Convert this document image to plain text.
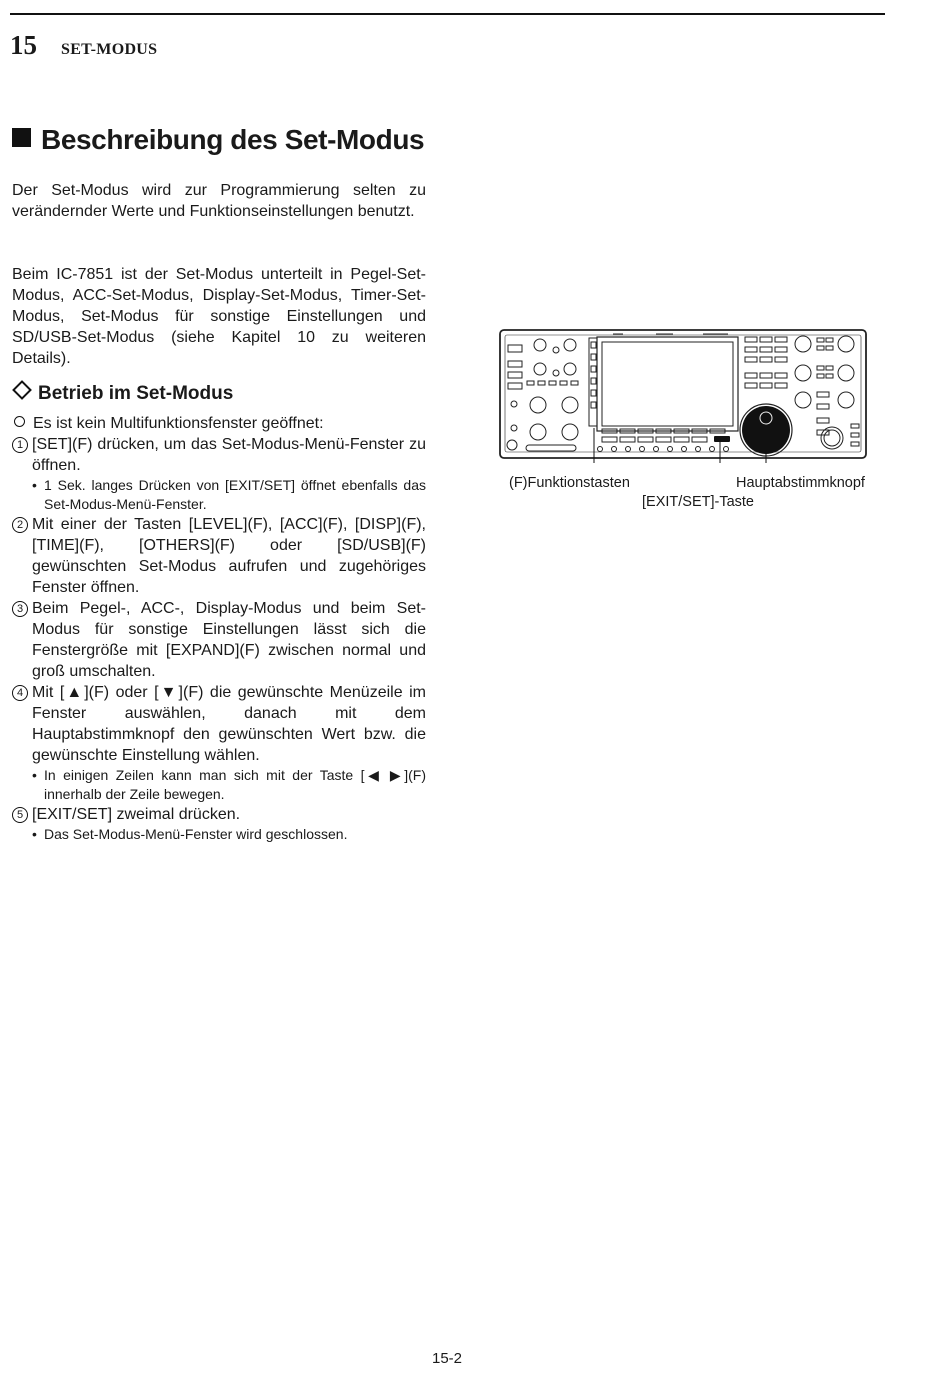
15 SET-MODUS
Beschreibung des Set-Modus

Der Set-Modus wird zur Programmierung selten zu verändernder Werte und Funktionseinstellungen benutzt.

Beim IC-7851 ist der Set-Modus unterteilt in Pegel-Set-Modus, ACC-Set-Modus, Display-Set-Modus, Timer-Set-Modus, Set-Modus für sonstige Einstellungen und SD/USB-Set-Modus (siehe Kapitel 10 zu weiteren Details).

Betrieb im Set-Modus
Es ist kein Multifunktionsfenster geöffnet:
1 [SET](F) drücken, um das Set-Modus-Menü-Fenster zu öffnen.
• 1 Sek. langes Drücken von [EXIT/SET] öffnet ebenfalls das Set-Modus-Menü-Fenster.
2 Mit einer der Tasten [LEVEL](F), [ACC](F), [DISP](F), [TIME](F), [OTHERS](F) oder [SD/USB](F) gewünschten Set-Modus aufrufen und zugehöriges Fenster öffnen.
3 Beim Pegel-, ACC-, Display-Modus und beim Set-Modus für sonstige Einstellungen lässt sich die Fenstergröße mit [EXPAND](F) zwischen normal und groß umschalten.
4 Mit [▲](F) oder [▼](F) die gewünschte Menüzeile im Fenster auswählen, danach mit dem Hauptabstimmknopf den gewünschten Wert bzw. die gewünschte Einstellung wählen.
• In einigen Zeilen kann man sich mit der Taste [◀ ▶](F) innerhalb der Zeile bewegen.
5 [EXIT/SET] zweimal drücken.
• Das Set-Modus-Menü-Fenster wird geschlossen.
(F)Funktionstasten	Hauptabstimmknopf
[EXIT/SET]-Taste
15-2
